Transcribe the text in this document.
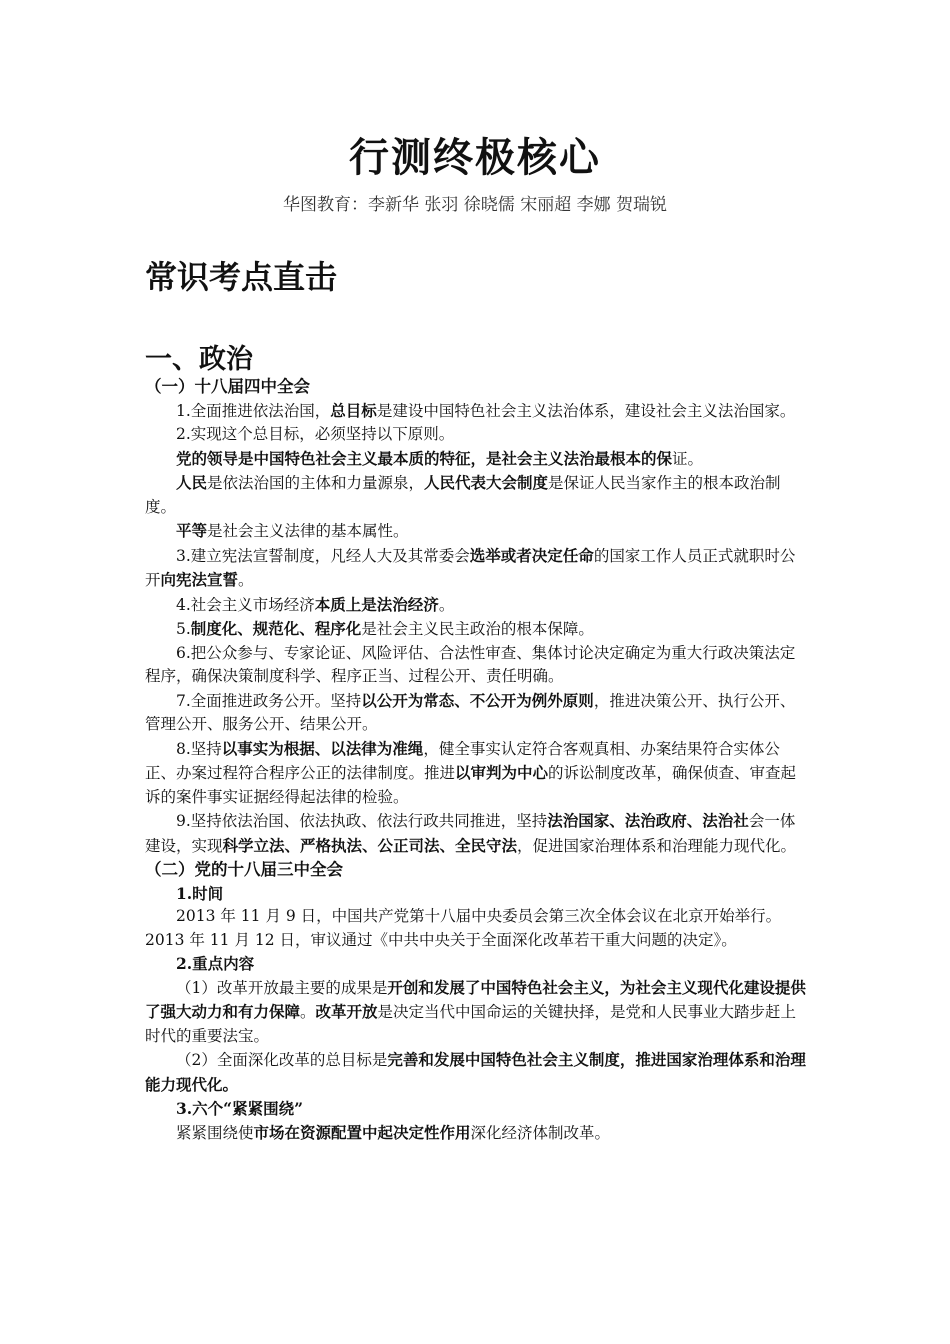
行测终极核心
华图教育：李新华 张羽 徐晓儒 宋丽超 李娜 贺瑞锐
常识考点直击
一、政治

（一）十八届四中全会

1.全面推进依法治国，总目标是建设中国特色社会主义法治体系，建设社会主义法治国家。

2.实现这个总目标，必须坚持以下原则。

党的领导是中国特色社会主义最本质的特征，是社会主义法治最根本的保证。

人民是依法治国的主体和力量源泉，人民代表大会制度是保证人民当家作主的根本政治制度。

平等是社会主义法律的基本属性。

3.建立宪法宣誓制度，凡经人大及其常委会选举或者决定任命的国家工作人员正式就职时公开向宪法宣誓。

4.社会主义市场经济本质上是法治经济。

5.制度化、规范化、程序化是社会主义民主政治的根本保障。

6.把公众参与、专家论证、风险评估、合法性审查、集体讨论决定确定为重大行政决策法定程序，确保决策制度科学、程序正当、过程公开、责任明确。

7.全面推进政务公开。坚持以公开为常态、不公开为例外原则，推进决策公开、执行公开、管理公开、服务公开、结果公开。

8.坚持以事实为根据、以法律为准绳，健全事实认定符合客观真相、办案结果符合实体公正、办案过程符合程序公正的法律制度。推进以审判为中心的诉讼制度改革，确保侦查、审查起诉的案件事实证据经得起法律的检验。

9.坚持依法治国、依法执政、依法行政共同推进，坚持法治国家、法治政府、法治社会一体建设，实现科学立法、严格执法、公正司法、全民守法，促进国家治理体系和治理能力现代化。

（二）党的十八届三中全会

1.时间

2013 年 11 月 9 日，中国共产党第十八届中央委员会第三次全体会议在北京开始举行。2013 年 11 月 12 日，审议通过《中共中央关于全面深化改革若干重大问题的决定》。

2.重点内容

（1）改革开放最主要的成果是开创和发展了中国特色社会主义，为社会主义现代化建设提供了强大动力和有力保障。改革开放是决定当代中国命运的关键抉择，是党和人民事业大踏步赶上时代的重要法宝。

（2）全面深化改革的总目标是完善和发展中国特色社会主义制度，推进国家治理体系和治理能力现代化。

3.六个“紧紧围绕”

紧紧围绕使市场在资源配置中起决定性作用深化经济体制改革。
